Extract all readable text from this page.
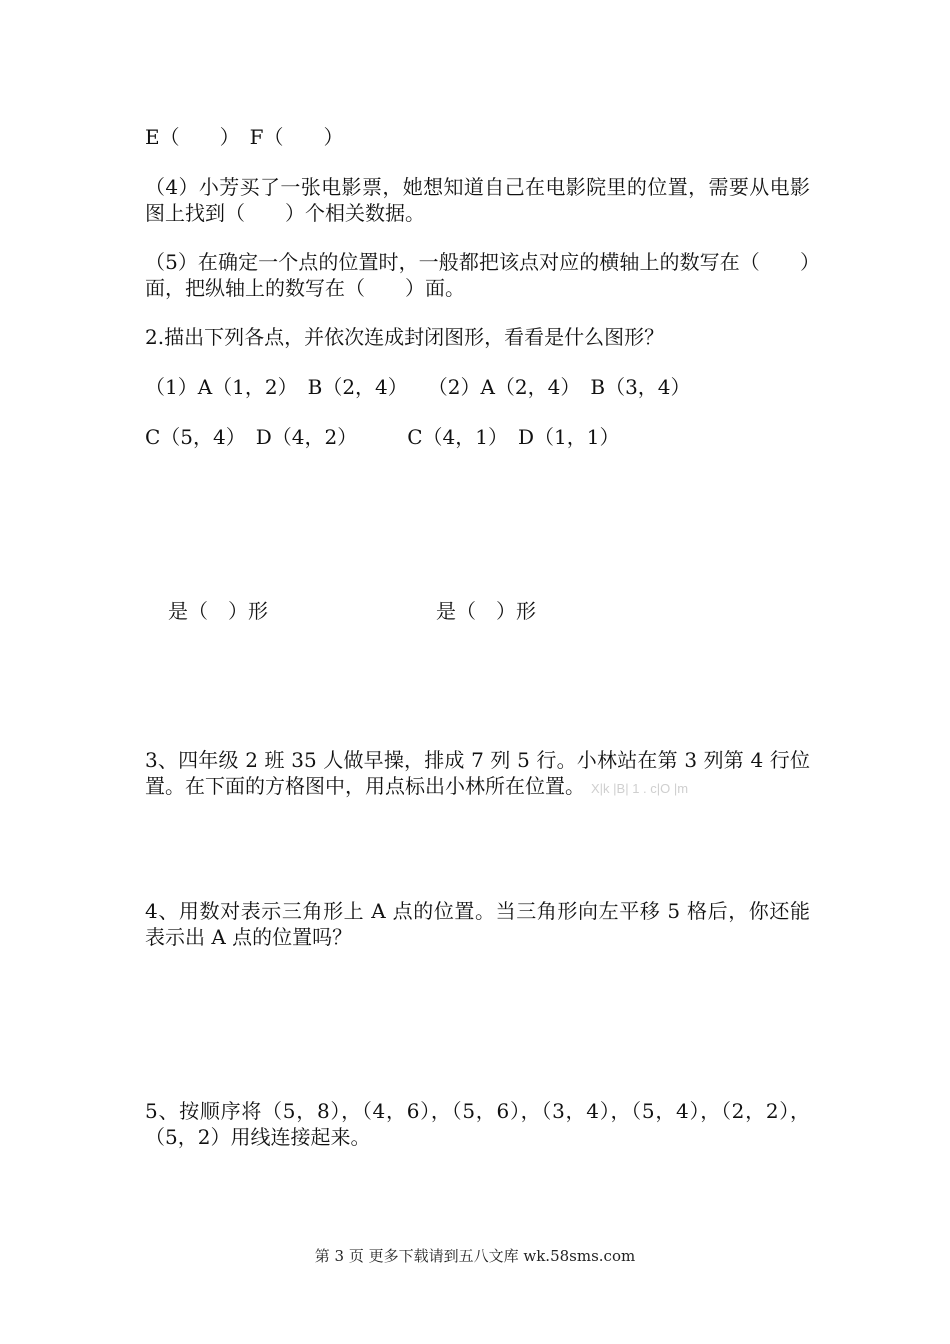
E（　　）　F（　　）
（4）小芳买了一张电影票，她想知道自己在电影院里的位置，需要从电影图上找到（　　）个相关数据。
（5）在确定一个点的位置时，一般都把该点对应的横轴上的数写在（　　）面，把纵轴上的数写在（　　）面。
2.描出下列各点，并依次连成封闭图形，看看是什么图形？
（1）A（1，2）　B（2，4）　　（2）A（2，4）　B（3，4）
C（5，4）　D（4，2）　　　C（4，1）　D（1，1）
是（　）形	是（　）形
3、四年级 2 班 35 人做早操，排成 7 列 5 行。小林站在第 3 列第 4 行位置。在下面的方格图中，用点标出小林所在位置。 X|k |B| 1 . c|O |m
4、用数对表示三角形上 A 点的位置。当三角形向左平移 5 格后，你还能表示出 A 点的位置吗？
5、按顺序将（5，8），（4，6），（5，6），（3，4），（5，4），（2，2），（5，2）用线连接起来。
第 3 页 更多下载请到五八文库 wk.58sms.com
